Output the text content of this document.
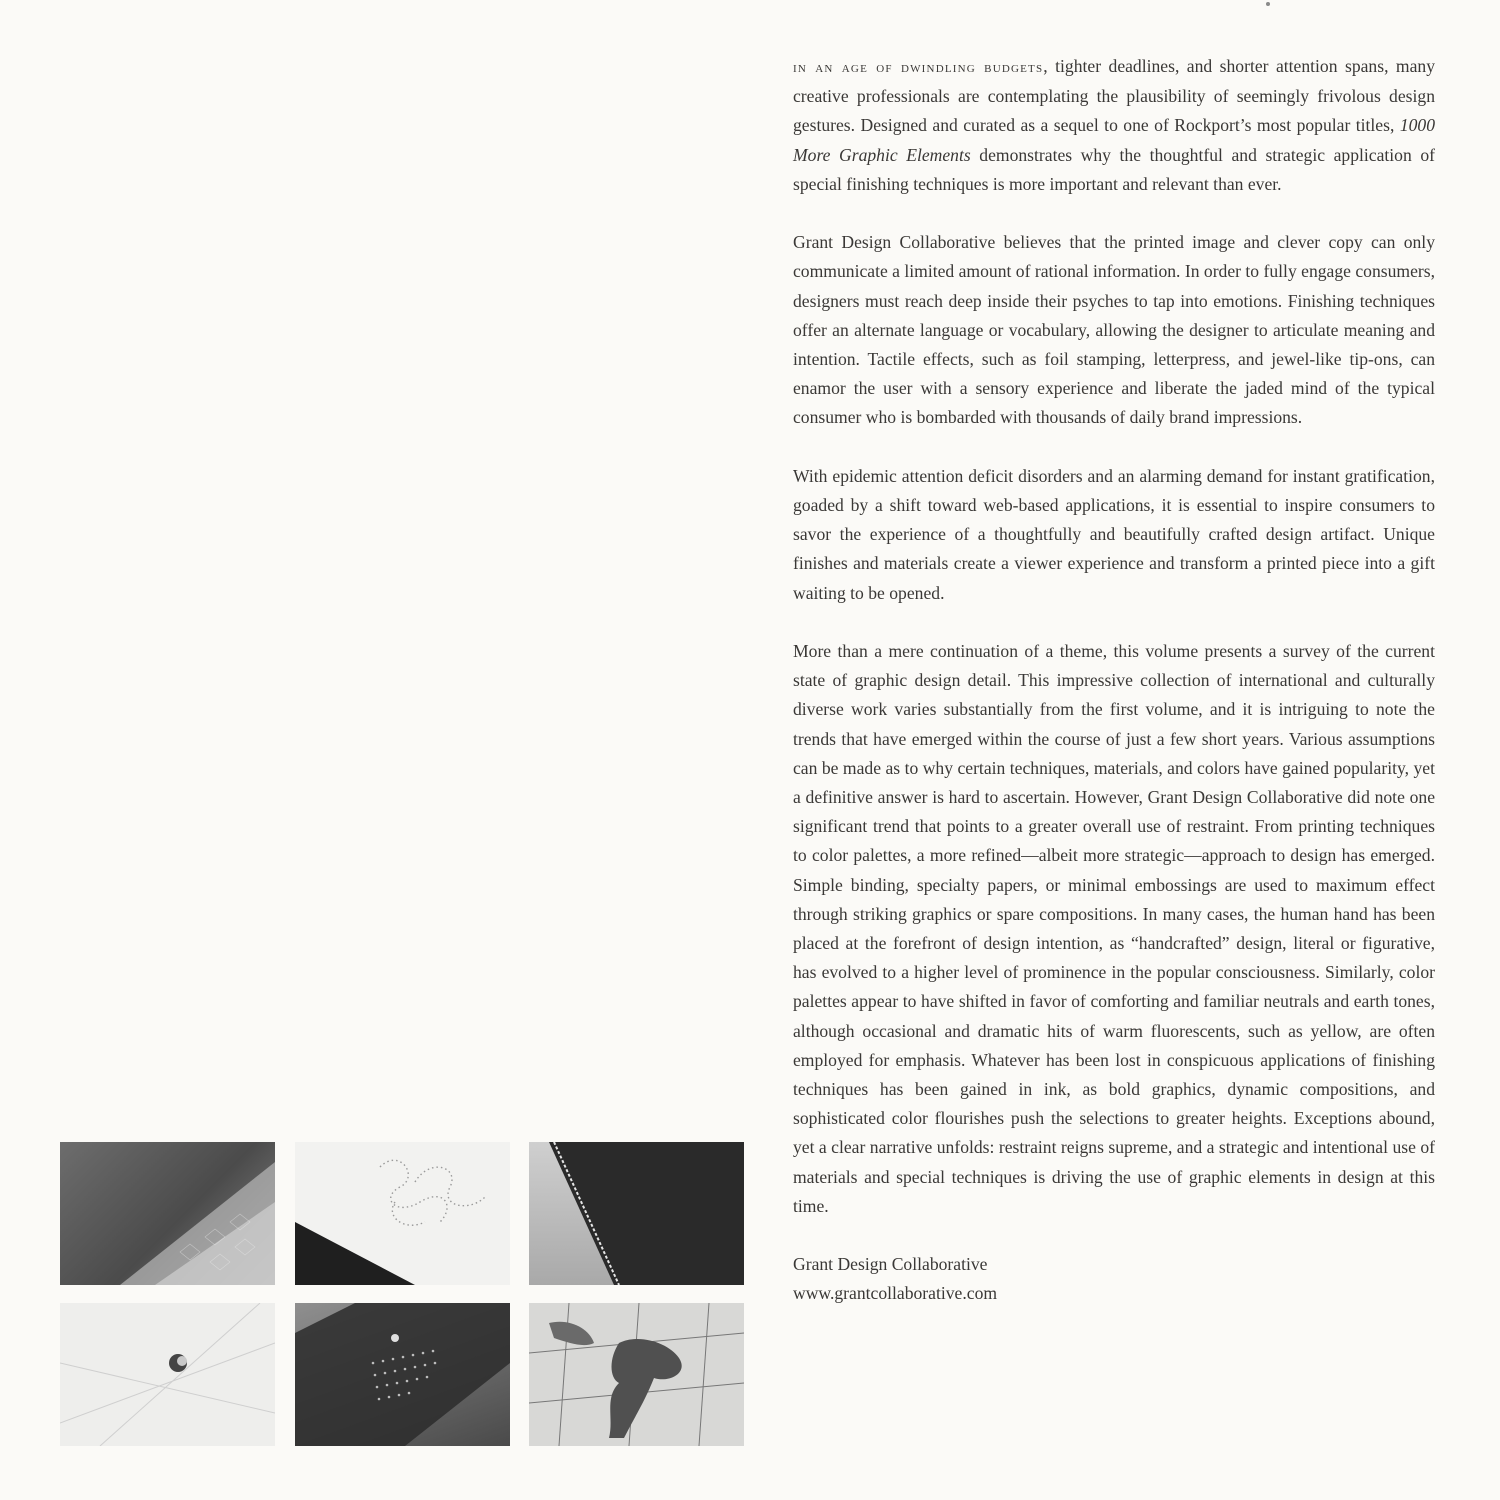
in an age of dwindling budgets, tighter deadlines, and shorter attention spans, many creative professionals are contemplating the plausibility of seemingly frivolous design gestures. Designed and curated as a sequel to one of Rockport’s most popular titles, 1000 More Graphic Elements demonstrates why the thoughtful and strategic application of special finishing techniques is more important and relevant than ever.

Grant Design Collaborative believes that the printed image and clever copy can only communicate a limited amount of rational information. In order to fully engage consumers, designers must reach deep inside their psyches to tap into emotions. Finishing techniques offer an alternate language or vocabulary, allowing the designer to articulate meaning and intention. Tactile effects, such as foil stamping, letterpress, and jewel-like tip-ons, can enamor the user with a sensory experience and liberate the jaded mind of the typical consumer who is bombarded with thousands of daily brand impressions.

With epidemic attention deficit disorders and an alarming demand for instant gratification, goaded by a shift toward web-based applications, it is essential to inspire consumers to savor the experience of a thoughtfully and beautifully crafted design artifact. Unique finishes and materials create a viewer experience and transform a printed piece into a gift waiting to be opened.

More than a mere continuation of a theme, this volume presents a survey of the current state of graphic design detail. This impressive collection of international and culturally diverse work varies substantially from the first volume, and it is intriguing to note the trends that have emerged within the course of just a few short years. Various assumptions can be made as to why certain techniques, materials, and colors have gained popularity, yet a definitive answer is hard to ascertain. However, Grant Design Collaborative did note one significant trend that points to a greater overall use of restraint. From printing techniques to color palettes, a more refined—albeit more strategic—approach to design has emerged. Simple binding, specialty papers, or minimal embossings are used to maximum effect through striking graphics or spare compositions. In many cases, the human hand has been placed at the forefront of design intention, as “handcrafted” design, literal or figurative, has evolved to a higher level of prominence in the popular consciousness. Similarly, color palettes appear to have shifted in favor of comforting and familiar neutrals and earth tones, although occasional and dramatic hits of warm fluorescents, such as yellow, are often employed for emphasis. Whatever has been lost in conspicuous applications of finishing techniques has been gained in ink, as bold graphics, dynamic compositions, and sophisticated color flourishes push the selections to greater heights. Exceptions abound, yet a clear narrative unfolds: restraint reigns supreme, and a strategic and intentional use of materials and special techniques is driving the use of graphic elements in design at this time.

Grant Design Collaborative
www.grantcollaborative.com
